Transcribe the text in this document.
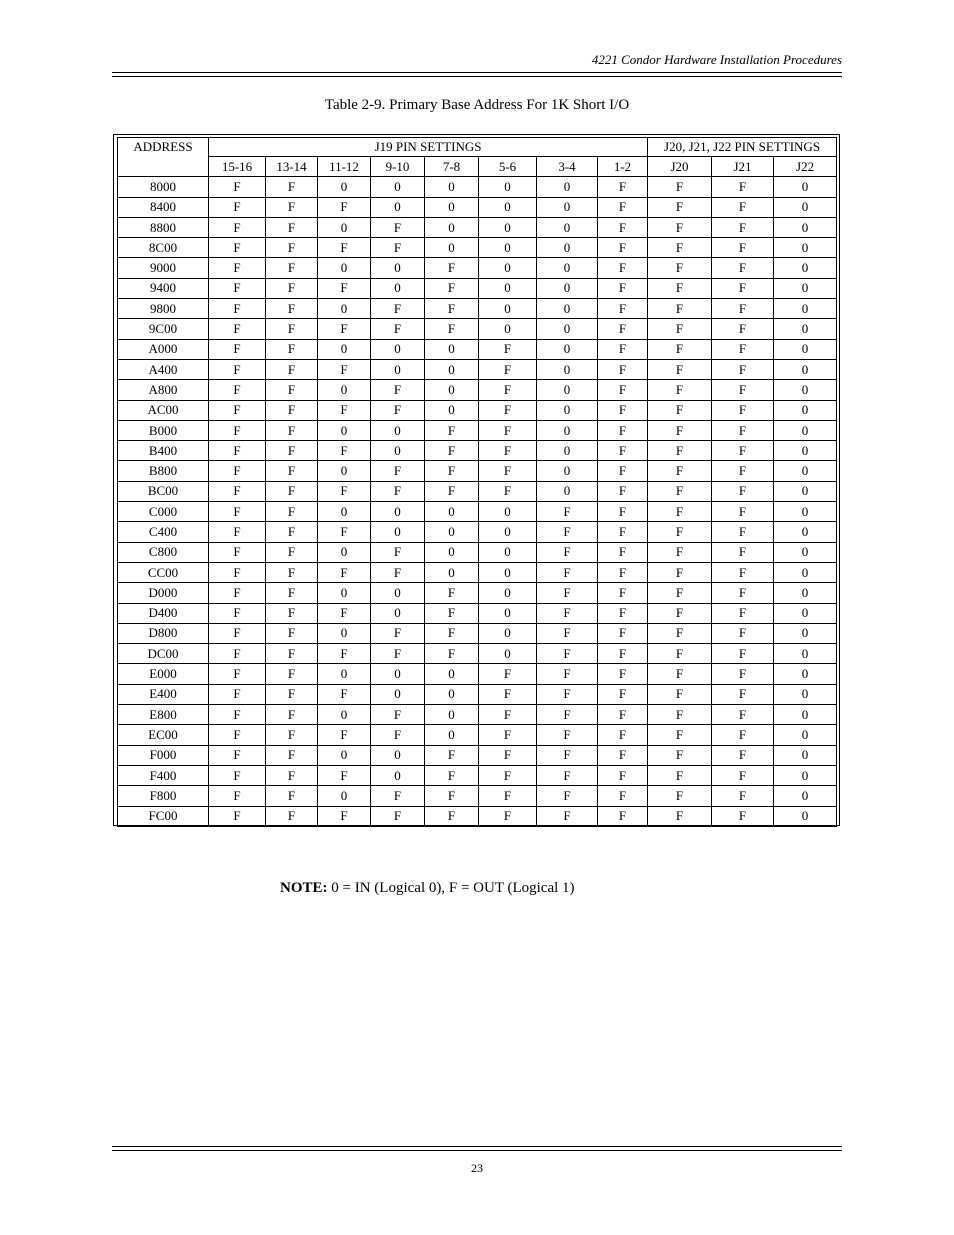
4221 Condor Hardware Installation Procedures
Table 2-9. Primary Base Address For 1K Short I/O
ADDRESS	J19 PIN SETTINGS								J20, J21, J22 PIN SETTINGS		
	15-16	13-14	11-12	9-10	7-8	5-6	3-4	1-2	J20	J21	J22
8000	F	F	0	0	0	0	0	F	F	F	0
8400	F	F	F	0	0	0	0	F	F	F	0
8800	F	F	0	F	0	0	0	F	F	F	0
8C00	F	F	F	F	0	0	0	F	F	F	0
9000	F	F	0	0	F	0	0	F	F	F	0
9400	F	F	F	0	F	0	0	F	F	F	0
9800	F	F	0	F	F	0	0	F	F	F	0
9C00	F	F	F	F	F	0	0	F	F	F	0
A000	F	F	0	0	0	F	0	F	F	F	0
A400	F	F	F	0	0	F	0	F	F	F	0
A800	F	F	0	F	0	F	0	F	F	F	0
AC00	F	F	F	F	0	F	0	F	F	F	0
B000	F	F	0	0	F	F	0	F	F	F	0
B400	F	F	F	0	F	F	0	F	F	F	0
B800	F	F	0	F	F	F	0	F	F	F	0
BC00	F	F	F	F	F	F	0	F	F	F	0
C000	F	F	0	0	0	0	F	F	F	F	0
C400	F	F	F	0	0	0	F	F	F	F	0
C800	F	F	0	F	0	0	F	F	F	F	0
CC00	F	F	F	F	0	0	F	F	F	F	0
D000	F	F	0	0	F	0	F	F	F	F	0
D400	F	F	F	0	F	0	F	F	F	F	0
D800	F	F	0	F	F	0	F	F	F	F	0
DC00	F	F	F	F	F	0	F	F	F	F	0
E000	F	F	0	0	0	F	F	F	F	F	0
E400	F	F	F	0	0	F	F	F	F	F	0
E800	F	F	0	F	0	F	F	F	F	F	0
EC00	F	F	F	F	0	F	F	F	F	F	0
F000	F	F	0	0	F	F	F	F	F	F	0
F400	F	F	F	0	F	F	F	F	F	F	0
F800	F	F	0	F	F	F	F	F	F	F	0
FC00	F	F	F	F	F	F	F	F	F	F	0
NOTE: 0 = IN (Logical 0), F = OUT (Logical 1)
23
